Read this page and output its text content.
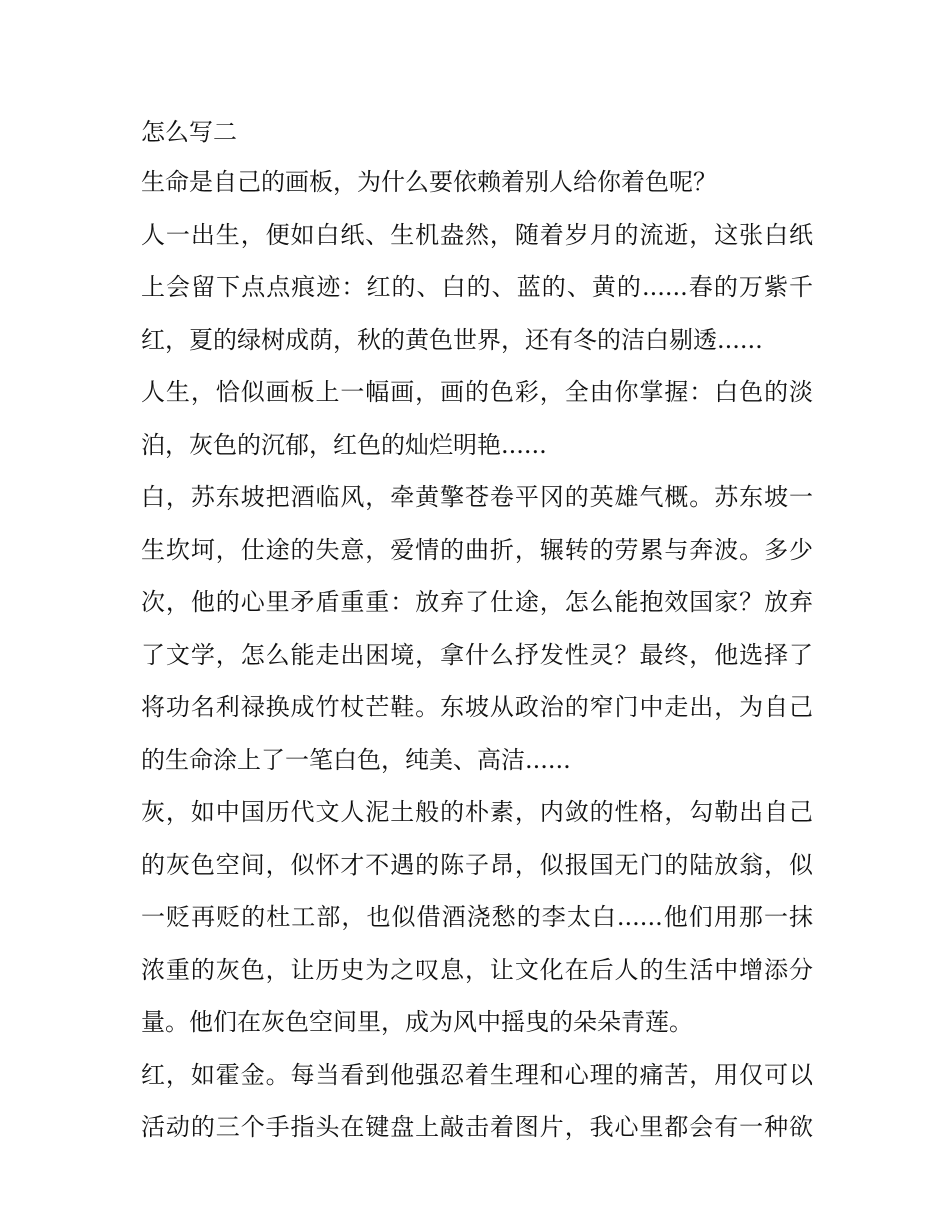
怎么写二

生命是自己的画板，为什么要依赖着别人给你着色呢？

人一出生，便如白纸、生机盎然，随着岁月的流逝，这张白纸

上会留下点点痕迹：红的、白的、蓝的、黄的......春的万紫千

红，夏的绿树成荫，秋的黄色世界，还有冬的洁白剔透......

人生，恰似画板上一幅画，画的色彩，全由你掌握：白色的淡

泊，灰色的沉郁，红色的灿烂明艳......

白，苏东坡把酒临风，牵黄擎苍卷平冈的英雄气概。苏东坡一

生坎坷，仕途的失意，爱情的曲折，辗转的劳累与奔波。多少

次，他的心里矛盾重重：放弃了仕途，怎么能抱效国家？放弃

了文学，怎么能走出困境，拿什么抒发性灵？最终，他选择了

将功名利禄换成竹杖芒鞋。东坡从政治的窄门中走出，为自己

的生命涂上了一笔白色，纯美、高洁......

灰，如中国历代文人泥土般的朴素，内敛的性格，勾勒出自己

的灰色空间，似怀才不遇的陈子昂，似报国无门的陆放翁，似

一贬再贬的杜工部，也似借酒浇愁的李太白......他们用那一抹

浓重的灰色，让历史为之叹息，让文化在后人的生活中增添分

量。他们在灰色空间里，成为风中摇曳的朵朵青莲。

红，如霍金。每当看到他强忍着生理和心理的痛苦，用仅可以

活动的三个手指头在键盘上敲击着图片，我心里都会有一种欲
